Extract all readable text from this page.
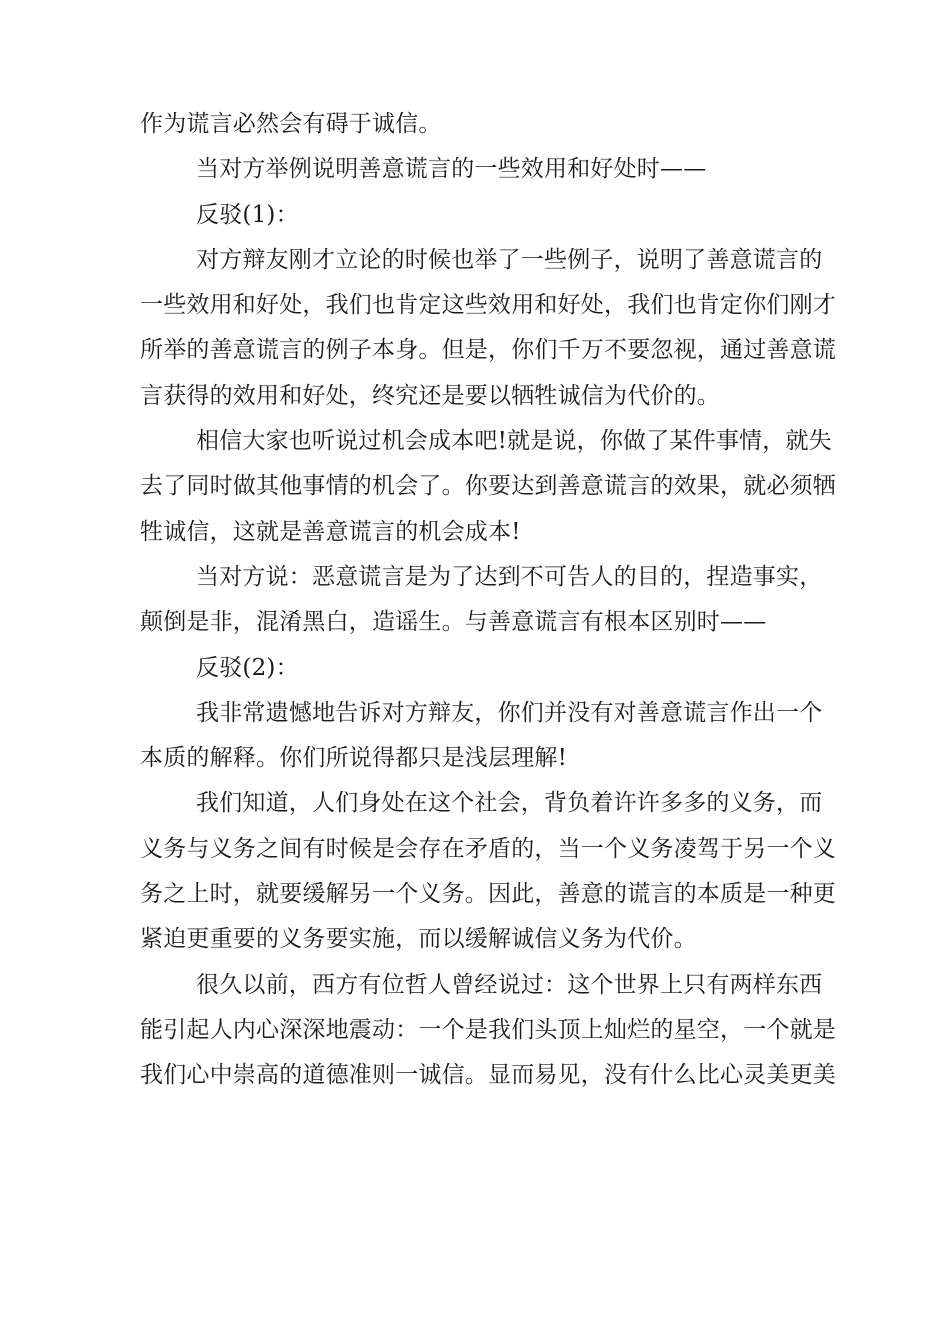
作为谎言必然会有碍于诚信。
当对方举例说明善意谎言的一些效用和好处时——
反驳(1)：
对方辩友刚才立论的时候也举了一些例子，说明了善意谎言的
一些效用和好处，我们也肯定这些效用和好处，我们也肯定你们刚才
所举的善意谎言的例子本身。但是，你们千万不要忽视，通过善意谎
言获得的效用和好处，终究还是要以牺牲诚信为代价的。
相信大家也听说过机会成本吧!就是说，你做了某件事情，就失
去了同时做其他事情的机会了。你要达到善意谎言的效果，就必须牺
牲诚信，这就是善意谎言的机会成本!
当对方说：恶意谎言是为了达到不可告人的目的，捏造事实，
颠倒是非，混淆黑白，造谣生。与善意谎言有根本区别时——
反驳(2)：
我非常遗憾地告诉对方辩友，你们并没有对善意谎言作出一个
本质的解释。你们所说得都只是浅层理解!
我们知道，人们身处在这个社会，背负着许许多多的义务，而
义务与义务之间有时候是会存在矛盾的，当一个义务凌驾于另一个义
务之上时，就要缓解另一个义务。因此，善意的谎言的本质是一种更
紧迫更重要的义务要实施，而以缓解诚信义务为代价。
很久以前，西方有位哲人曾经说过：这个世界上只有两样东西
能引起人内心深深地震动：一个是我们头顶上灿烂的星空，一个就是
我们心中崇高的道德准则一诚信。显而易见，没有什么比心灵美更美
